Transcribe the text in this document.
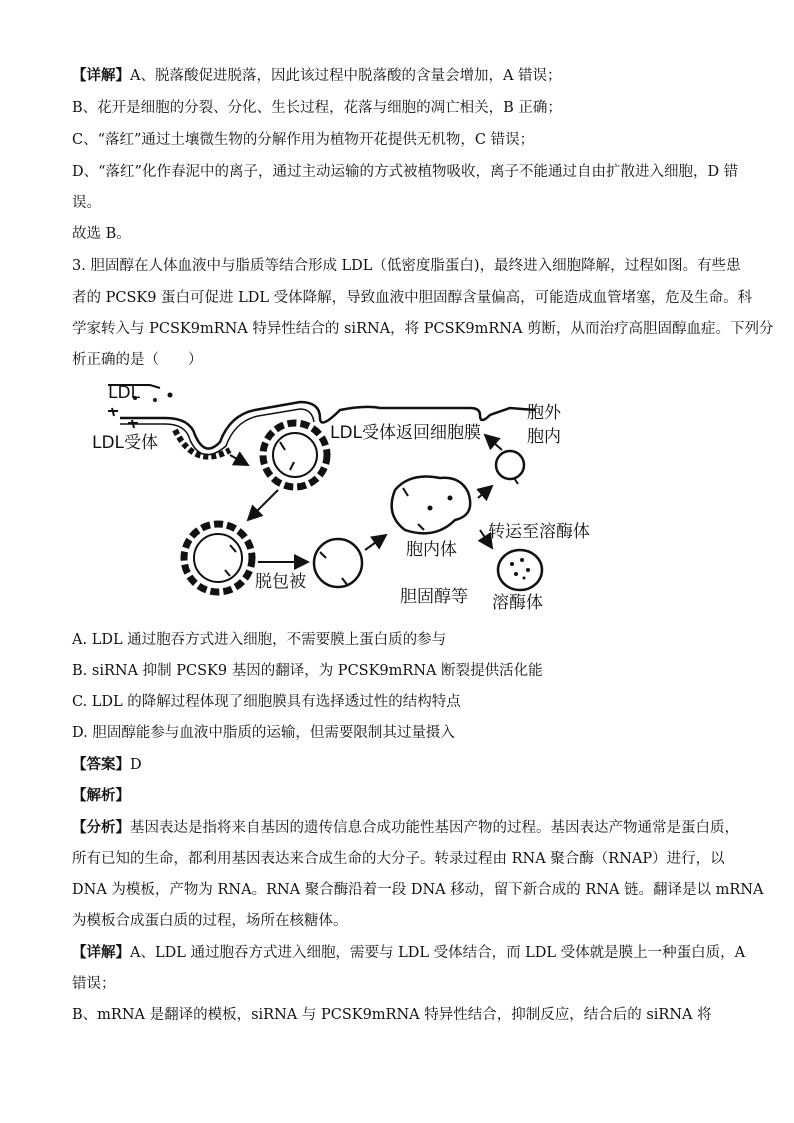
【详解】A、脱落酸促进脱落，因此该过程中脱落酸的含量会增加，A 错误；
B、花开是细胞的分裂、分化、生长过程，花落与细胞的凋亡相关，B 正确；
C、“落红”通过土壤微生物的分解作用为植物开花提供无机物，C 错误；
D、“落红”化作春泥中的离子，通过主动运输的方式被植物吸收，离子不能通过自由扩散进入细胞，D 错
误。
故选 B。
3. 胆固醇在人体血液中与脂质等结合形成 LDL（低密度脂蛋白)，最终进入细胞降解，过程如图。有些患
者的 PCSK9 蛋白可促进 LDL 受体降解，导致血液中胆固醇含量偏高，可能造成血管堵塞，危及生命。科
学家转入与 PCSK9mRNA 特异性结合的 siRNA，将 PCSK9mRNA 剪断，从而治疗高胆固醇血症。下列分
析正确的是（　　）
LDL
LDL受体
胞外
胞内
LDL受体返回细胞膜
胞内体
转运至溶酶体
脱包被
胆固醇等 溶酶体
A. LDL 通过胞吞方式进入细胞，不需要膜上蛋白质的参与
B. siRNA 抑制 PCSK9 基因的翻译，为 PCSK9mRNA 断裂提供活化能
C. LDL 的降解过程体现了细胞膜具有选择透过性的结构特点
D. 胆固醇能参与血液中脂质的运输，但需要限制其过量摄入
【答案】D
【解析】
【分析】基因表达是指将来自基因的遗传信息合成功能性基因产物的过程。基因表达产物通常是蛋白质，
所有已知的生命，都利用基因表达来合成生命的大分子。转录过程由 RNA 聚合酶（RNAP）进行，以
DNA 为模板，产物为 RNA。RNA 聚合酶沿着一段 DNA 移动，留下新合成的 RNA 链。翻译是以 mRNA
为模板合成蛋白质的过程，场所在核糖体。
【详解】A、LDL 通过胞吞方式进入细胞，需要与 LDL 受体结合，而 LDL 受体就是膜上一种蛋白质，A
错误；
B、mRNA 是翻译的模板，siRNA 与 PCSK9mRNA 特异性结合，抑制反应，结合后的 siRNA 将
